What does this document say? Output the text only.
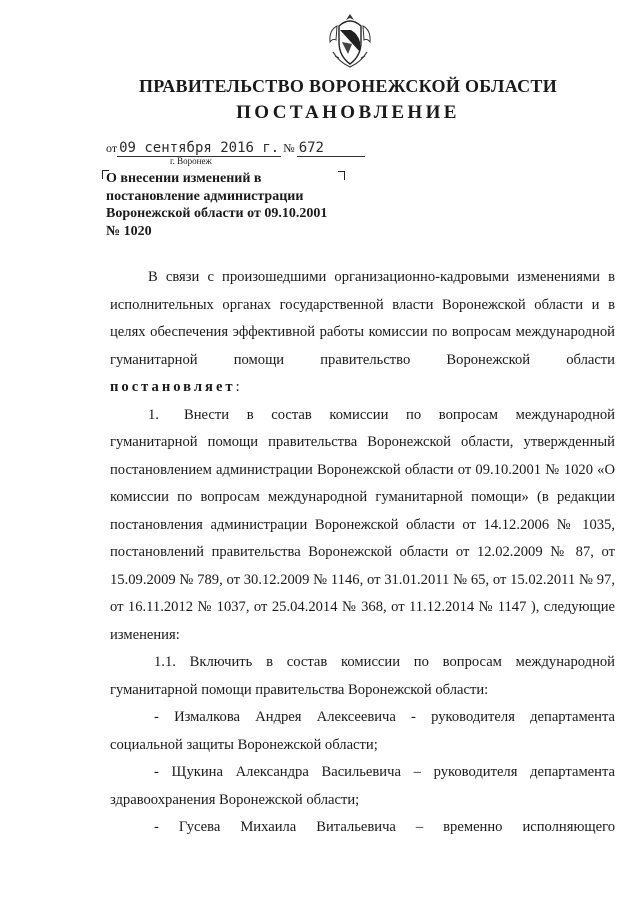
ПРАВИТЕЛЬСТВО ВОРОНЕЖСКОЙ ОБЛАСТИ
ПОСТАНОВЛЕНИЕ
от 09 сентября 2016 г. № 672
г. Воронеж
О внесении изменений в постановление администрации Воронежской области от 09.10.2001 № 1020

В связи с произошедшими организационно-кадровыми изменениями в исполнительных органах государственной власти Воронежской области и в целях обеспечения эффективной работы комиссии по вопросам международной гуманитарной помощи правительство Воронежской области постановляет:

1. Внести в состав комиссии по вопросам международной гуманитарной помощи правительства Воронежской области, утвержденный постановлением администрации Воронежской области от 09.10.2001 № 1020 «О комиссии по вопросам международной гуманитарной помощи» (в редакции постановления администрации Воронежской области от 14.12.2006 № 1035, постановлений правительства Воронежской области от 12.02.2009 № 87, от 15.09.2009 № 789, от 30.12.2009 № 1146, от 31.01.2011 № 65, от 15.02.2011 № 97, от 16.11.2012 № 1037, от 25.04.2014 № 368, от 11.12.2014 № 1147 ), следующие изменения:

1.1. Включить в состав комиссии по вопросам международной гуманитарной помощи правительства Воронежской области:

- Измалкова Андрея Алексеевича - руководителя департамента социальной защиты Воронежской области;

- Щукина Александра Васильевича – руководителя департамента здравоохранения Воронежской области;

- Гусева Михаила Витальевича – временно исполняющего
